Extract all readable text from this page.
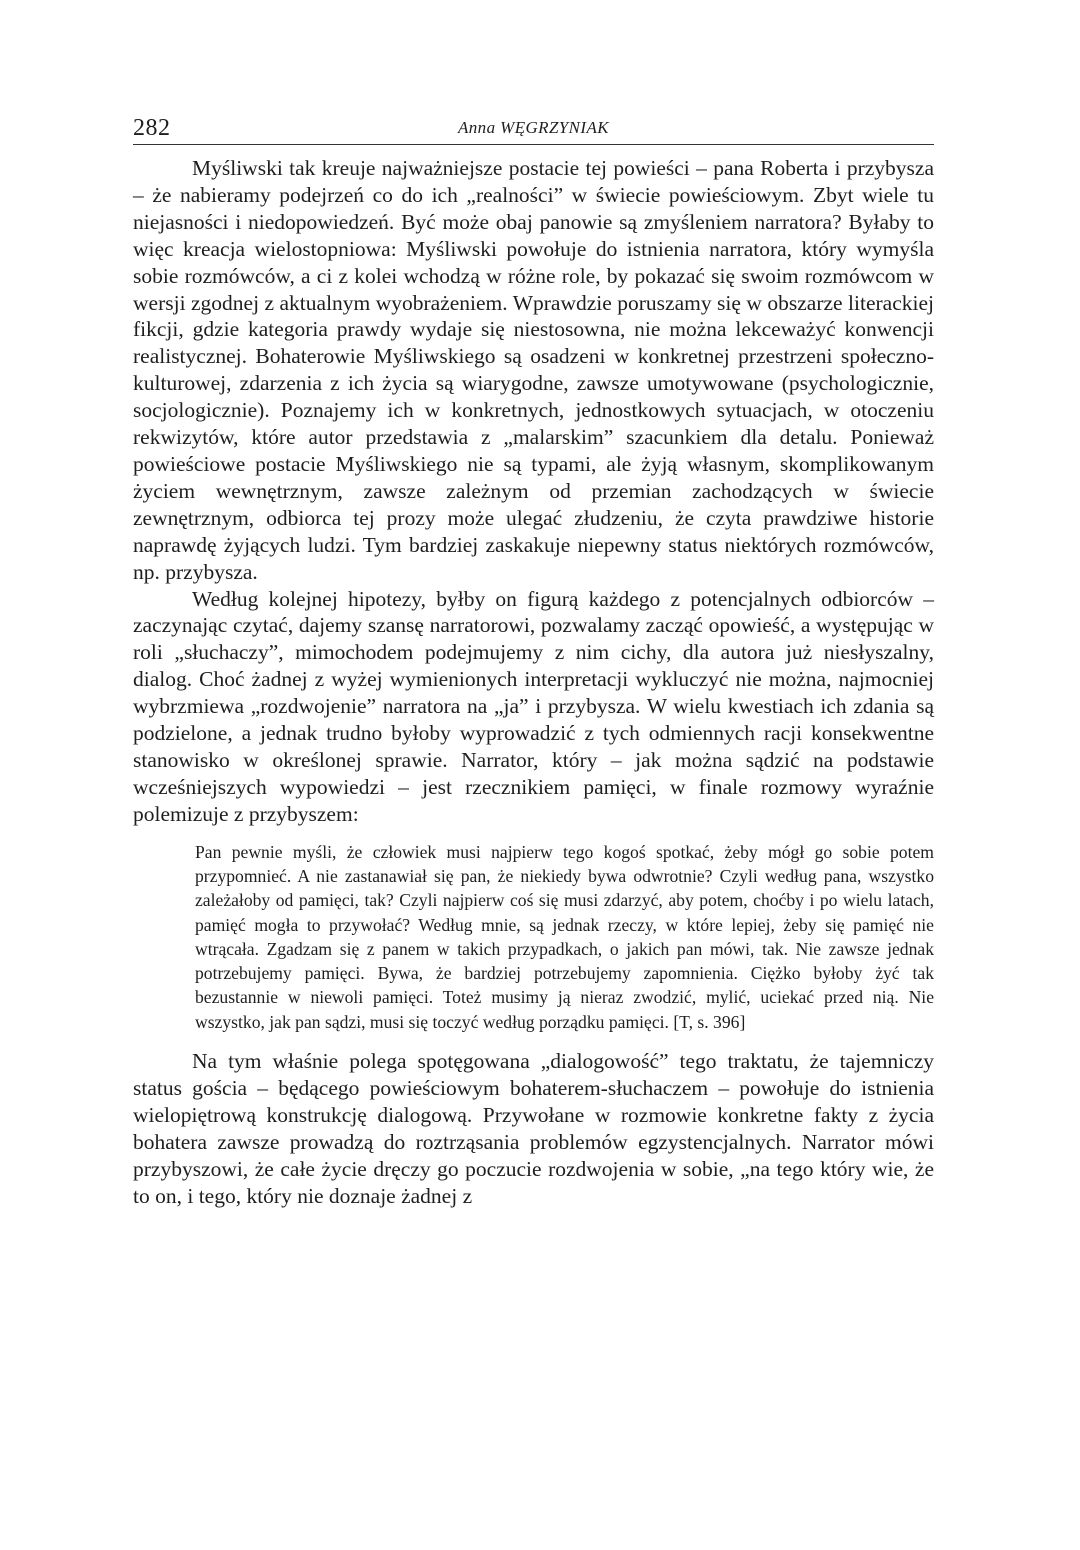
282	Anna WĘGRZYNIAK

Myśliwski tak kreuje najważniejsze postacie tej powieści – pana Roberta i przybysza – że nabieramy podejrzeń co do ich „realności” w świecie powieściowym. Zbyt wiele tu niejasności i niedopowiedzeń. Być może obaj panowie są zmyśleniem narratora? Byłaby to więc kreacja wielostopniowa: Myśliwski powołuje do istnienia narratora, który wymyśla sobie rozmówców, a ci z kolei wchodzą w różne role, by pokazać się swoim rozmówcom w wersji zgodnej z aktualnym wyobrażeniem. Wprawdzie poruszamy się w obszarze literackiej fikcji, gdzie kategoria prawdy wydaje się niestosowna, nie można lekceważyć konwencji realistycznej. Bohaterowie Myśliwskiego są osadzeni w konkretnej przestrzeni społeczno-kulturowej, zdarzenia z ich życia są wiarygodne, zawsze umotywowane (psychologicznie, socjologicznie). Poznajemy ich w konkretnych, jednostkowych sytuacjach, w otoczeniu rekwizytów, które autor przedstawia z „malarskim” szacunkiem dla detalu. Ponieważ powieściowe postacie Myśliwskiego nie są typami, ale żyją własnym, skomplikowanym życiem wewnętrznym, zawsze zależnym od przemian zachodzących w świecie zewnętrznym, odbiorca tej prozy może ulegać złudzeniu, że czyta prawdziwe historie naprawdę żyjących ludzi. Tym bardziej zaskakuje niepewny status niektórych rozmówców, np. przybysza.

Według kolejnej hipotezy, byłby on figurą każdego z potencjalnych odbiorców – zaczynając czytać, dajemy szansę narratorowi, pozwalamy zacząć opowieść, a występując w roli „słuchaczy”, mimochodem podejmujemy z nim cichy, dla autora już niesłyszalny, dialog. Choć żadnej z wyżej wymienionych interpretacji wykluczyć nie można, najmocniej wybrzmiewa „rozdwojenie” narratora na „ja” i przybysza. W wielu kwestiach ich zdania są podzielone, a jednak trudno byłoby wyprowadzić z tych odmiennych racji konsekwentne stanowisko w określonej sprawie. Narrator, który – jak można sądzić na podstawie wcześniejszych wypowiedzi – jest rzecznikiem pamięci, w finale rozmowy wyraźnie polemizuje z przybyszem:

Pan pewnie myśli, że człowiek musi najpierw tego kogoś spotkać, żeby mógł go sobie potem przypomnieć. A nie zastanawiał się pan, że niekiedy bywa odwrotnie? Czyli według pana, wszystko zależałoby od pamięci, tak? Czyli najpierw coś się musi zdarzyć, aby potem, choćby i po wielu latach, pamięć mogła to przywołać? Według mnie, są jednak rzeczy, w które lepiej, żeby się pamięć nie wtrącała. Zgadzam się z panem w takich przypadkach, o jakich pan mówi, tak. Nie zawsze jednak potrzebujemy pamięci. Bywa, że bardziej potrzebujemy zapomnienia. Ciężko byłoby żyć tak bezustannie w niewoli pamięci. Toteż musimy ją nieraz zwodzić, mylić, uciekać przed nią. Nie wszystko, jak pan sądzi, musi się toczyć według porządku pamięci. [T, s. 396]

Na tym właśnie polega spotęgowana „dialogowość” tego traktatu, że tajemniczy status gościa – będącego powieściowym bohaterem-słuchaczem – powołuje do istnienia wielopiętrową konstrukcję dialogową. Przywołane w rozmowie konkretne fakty z życia bohatera zawsze prowadzą do roztrząsania problemów egzystencjalnych. Narrator mówi przybyszowi, że całe życie dręczy go poczucie rozdwojenia w sobie, „na tego który wie, że to on, i tego, który nie doznaje żadnej z
